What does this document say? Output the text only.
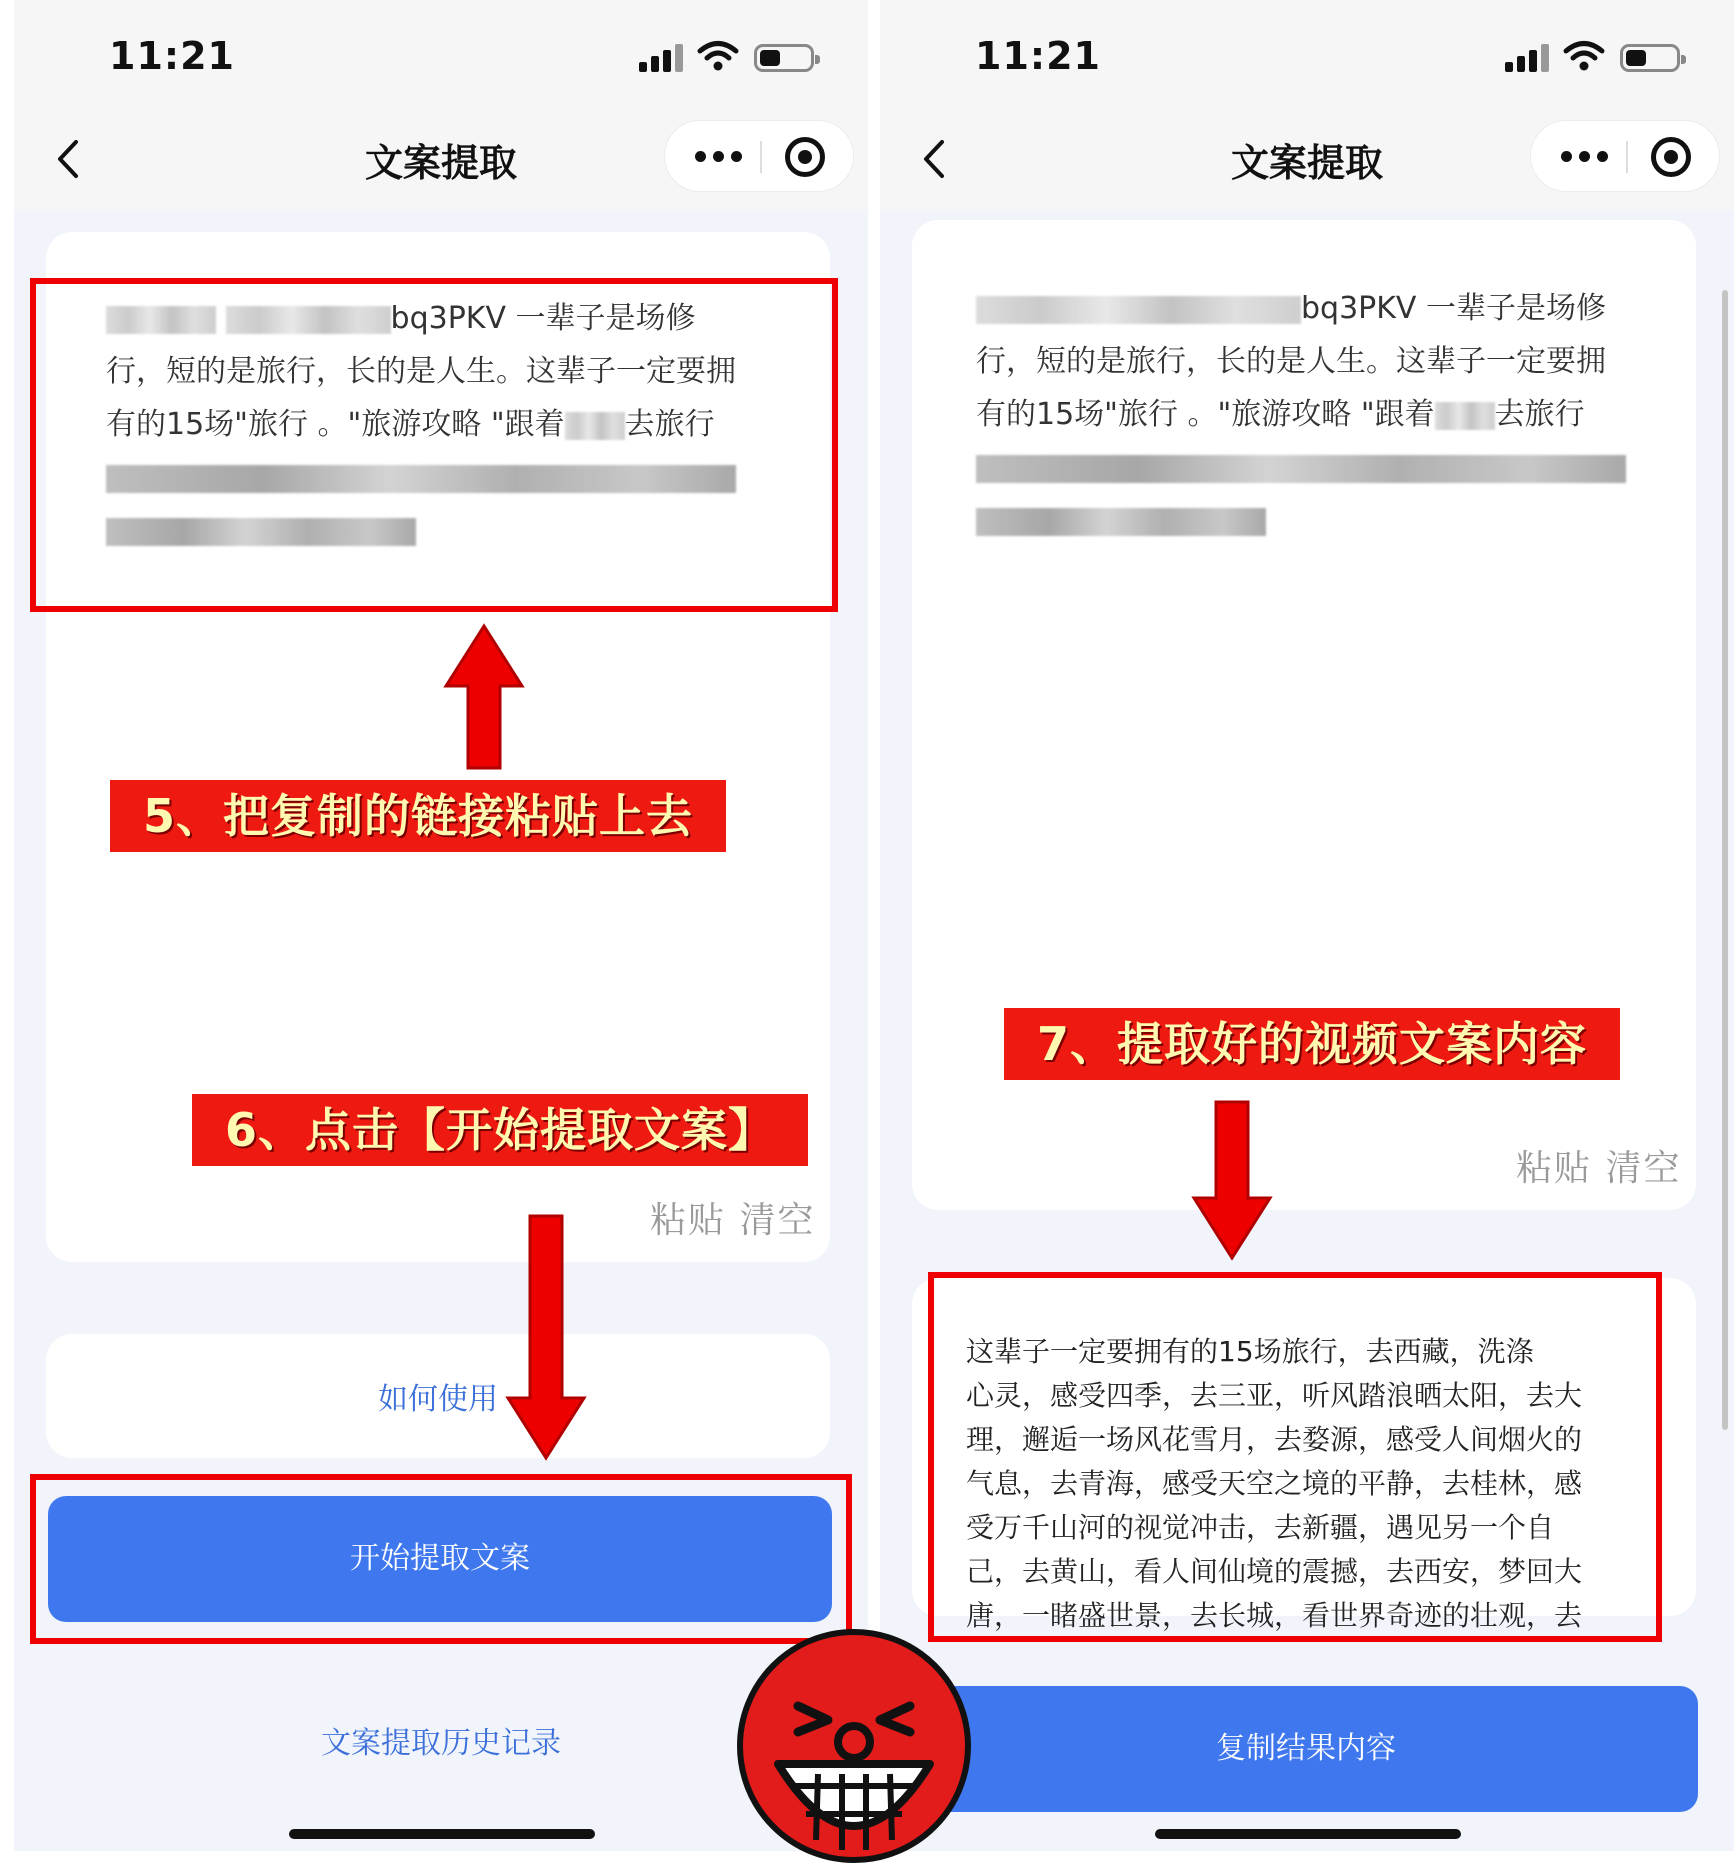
11:21
文案提取
bq3PKV 一辈子是场修
行，短的是旅行，长的是人生。这辈子一定要拥
有的15场"旅行 。"旅游攻略 "跟着 去旅行
粘贴 清空
如何使用
开始提取文案
文案提取历史记录
11:21
文案提取
bq3PKV 一辈子是场修
行，短的是旅行，长的是人生。这辈子一定要拥
有的15场"旅行 。"旅游攻略 "跟着 去旅行
粘贴 清空
这辈子一定要拥有的15场旅行，去西藏，洗涤
心灵，感受四季，去三亚，听风踏浪晒太阳，去大
理，邂逅一场风花雪月，去婺源，感受人间烟火的
气息，去青海，感受天空之境的平静，去桂林，感
受万千山河的视觉冲击，去新疆，遇见另一个自
己，去黄山，看人间仙境的震撼，去西安，梦回大
唐，一睹盛世景，去长城，看世界奇迹的壮观，去
复制结果内容
5、把复制的链接粘贴上去
6、点击【开始提取文案】
7、提取好的视频文案内容
